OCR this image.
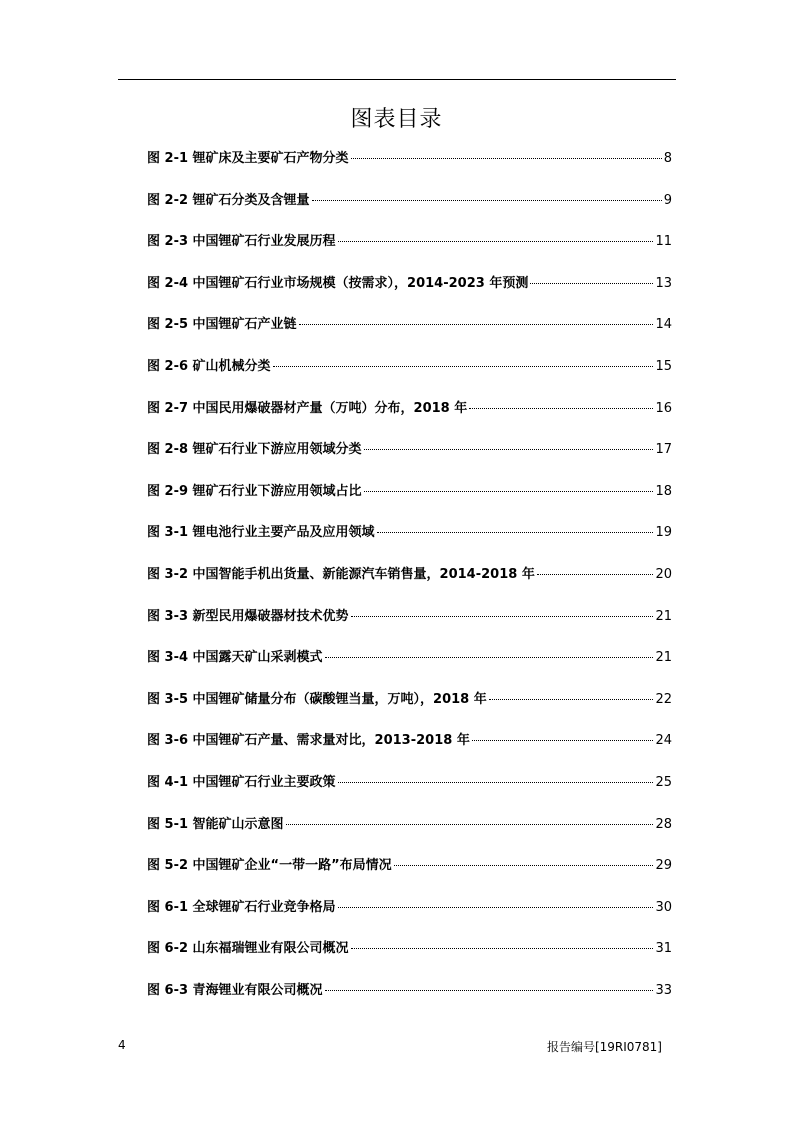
图表目录
图 2-1 锂矿床及主要矿石产物分类	8
图 2-2 锂矿石分类及含锂量	9
图 2-3 中国锂矿石行业发展历程	11
图 2-4 中国锂矿石行业市场规模（按需求），2014-2023 年预测	13
图 2-5 中国锂矿石产业链	14
图 2-6 矿山机械分类	15
图 2-7 中国民用爆破器材产量（万吨）分布，2018 年	16
图 2-8 锂矿石行业下游应用领域分类	17
图 2-9 锂矿石行业下游应用领域占比	18
图 3-1 锂电池行业主要产品及应用领域	19
图 3-2 中国智能手机出货量、新能源汽车销售量，2014-2018 年	20
图 3-3 新型民用爆破器材技术优势	21
图 3-4 中国露天矿山采剥模式	21
图 3-5 中国锂矿储量分布（碳酸锂当量，万吨），2018 年	22
图 3-6 中国锂矿石产量、需求量对比，2013-2018 年	24
图 4-1 中国锂矿石行业主要政策	25
图 5-1 智能矿山示意图	28
图 5-2 中国锂矿企业“一带一路”布局情况	29
图 6-1 全球锂矿石行业竞争格局	30
图 6-2 山东福瑞锂业有限公司概况	31
图 6-3 青海锂业有限公司概况	33
4	报告编号[19RI0781]
